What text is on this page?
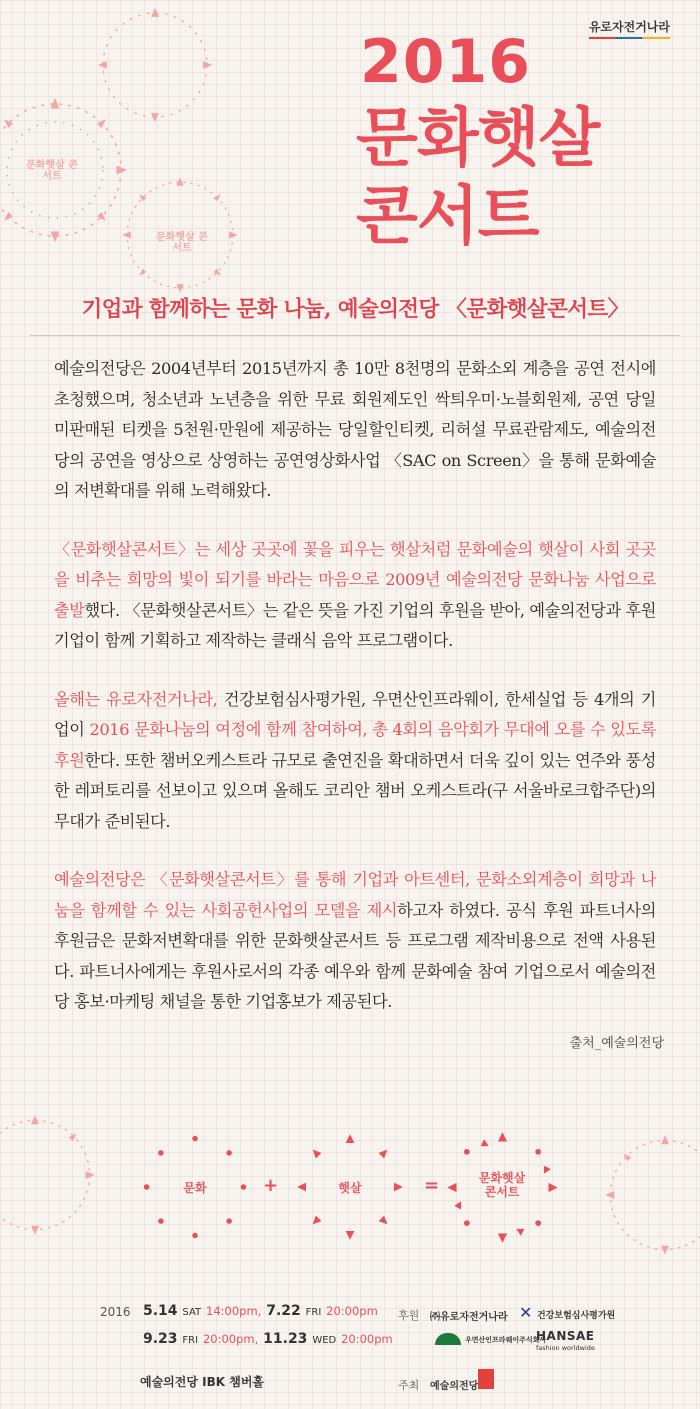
문화햇살 콘서트
문화햇살 콘서트
유로자전거나라
2016
문화햇살
콘서트
기업과 함께하는 문화 나눔, 예술의전당 〈문화햇살콘서트〉

예술의전당은 2004년부터 2015년까지 총 10만 8천명의 문화소외 계층을 공연 전시에 초청했으며, 청소년과 노년층을 위한 무료 회원제도인 싹틔우미·노블회원제, 공연 당일 미판매된 티켓을 5천원·만원에 제공하는 당일할인티켓, 리허설 무료관람제도, 예술의전당의 공연을 영상으로 상영하는 공연영상화사업 〈SAC on Screen〉을 통해 문화예술의 저변확대를 위해 노력해왔다.

〈문화햇살콘서트〉는 세상 곳곳에 꽃을 피우는 햇살처럼 문화예술의 햇살이 사회 곳곳을 비추는 희망의 빛이 되기를 바라는 마음으로 2009년 예술의전당 문화나눔 사업으로 출발했다. 〈문화햇살콘서트〉는 같은 뜻을 가진 기업의 후원을 받아, 예술의전당과 후원기업이 함께 기획하고 제작하는 클래식 음악 프로그램이다.

올해는 유로자전거나라, 건강보험심사평가원, 우면산인프라웨이, 한세실업 등 4개의 기업이 2016 문화나눔의 여정에 함께 참여하여, 총 4회의 음악회가 무대에 오를 수 있도록 후원한다. 또한 챔버오케스트라 규모로 출연진을 확대하면서 더욱 깊이 있는 연주와 풍성한 레퍼토리를 선보이고 있으며 올해도 코리안 챔버 오케스트라(구 서울바로크합주단)의 무대가 준비된다.

예술의전당은 〈문화햇살콘서트〉를 통해 기업과 아트센터, 문화소외계층이 희망과 나눔을 함께할 수 있는 사회공헌사업의 모델을 제시하고자 하였다. 공식 후원 파트너사의 후원금은 문화저변확대를 위한 문화햇살콘서트 등 프로그램 제작비용으로 전액 사용된다. 파트너사에게는 후원사로서의 각종 예우와 함께 문화예술 참여 기업으로서 예술의전당 홍보·마케팅 채널을 통한 기업홍보가 제공된다.

출처_예술의전당
문화	+	햇살	=	문화햇살
콘서트
2016 5.14 SAT 14:00pm, 7.22 FRI 20:00pm
9.23 FRI 20:00pm, 11.23 WED 20:00pm
예술의전당 IBK 챔버홀
후원 ㈜유로자전거나라 ✕ 건강보험심사평가원
우면산인프라웨이주식회사
HANSAE
fashion worldwide
주최 예술의전당
